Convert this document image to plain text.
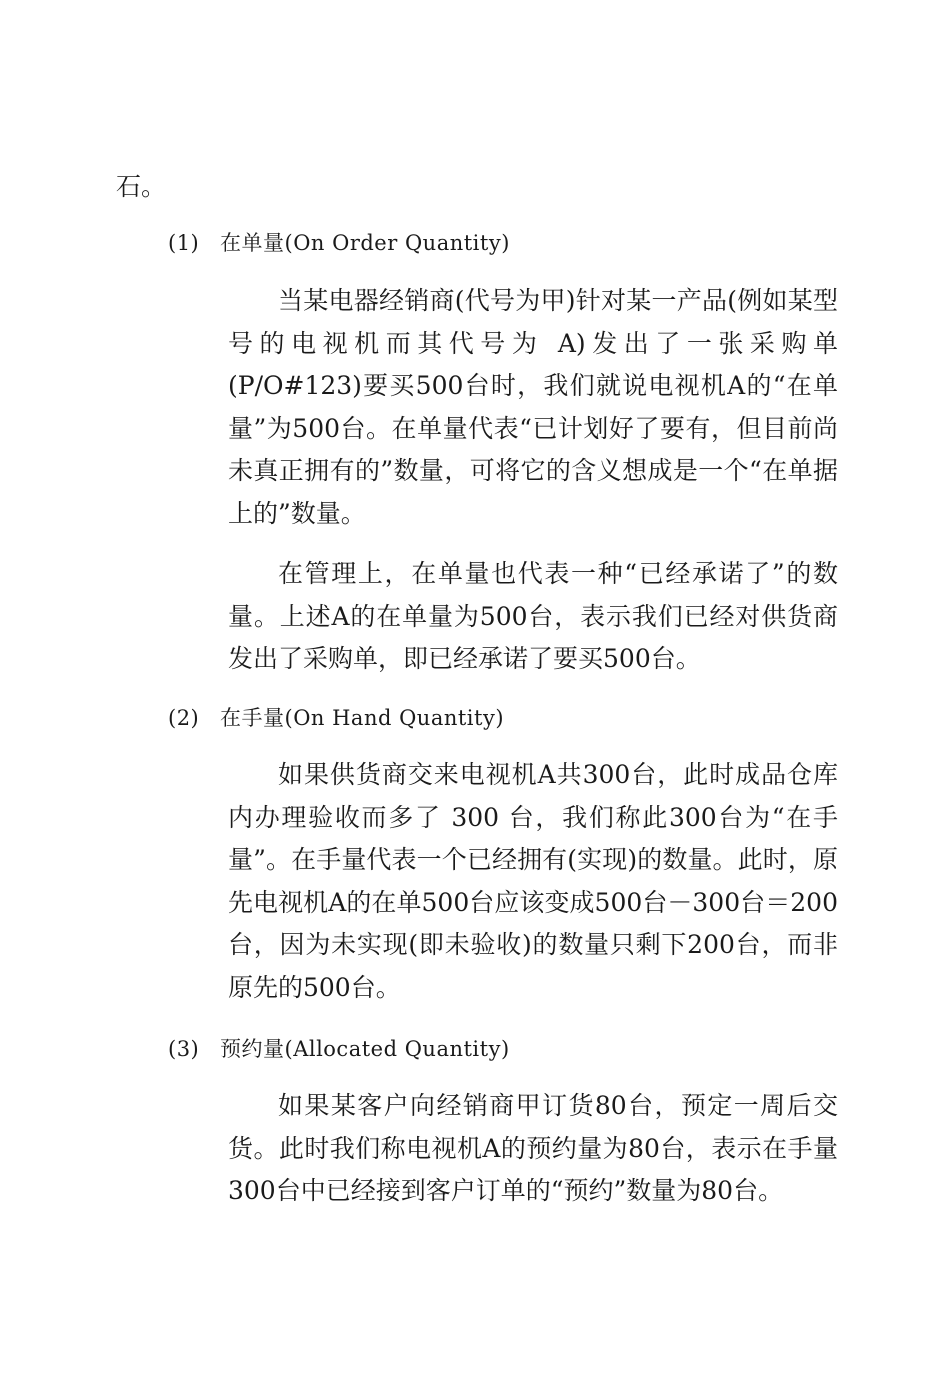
石。
(1) 在单量(On Order Quantity)

当某电器经销商(代号为甲)针对某一产品(例如某型号的电视机而其代号为 A)发出了一张采购单(P/O#123)要买500台时，我们就说电视机A的“在单量”为500台。在单量代表“已计划好了要有，但目前尚未真正拥有的”数量，可将它的含义想成是一个“在单据上的”数量。

在管理上，在单量也代表一种“已经承诺了”的数量。上述A的在单量为500台，表示我们已经对供货商发出了采购单，即已经承诺了要买500台。

(2) 在手量(On Hand Quantity)

如果供货商交来电视机A共300台，此时成品仓库内办理验收而多了 300 台，我们称此300台为“在手量”。在手量代表一个已经拥有(实现)的数量。此时，原先电视机A的在单500台应该变成500台－300台＝200台，因为未实现(即未验收)的数量只剩下200台，而非原先的500台。

(3) 预约量(Allocated Quantity)

如果某客户向经销商甲订货80台，预定一周后交货。此时我们称电视机A的预约量为80台，表示在手量300台中已经接到客户订单的“预约”数量为80台。
